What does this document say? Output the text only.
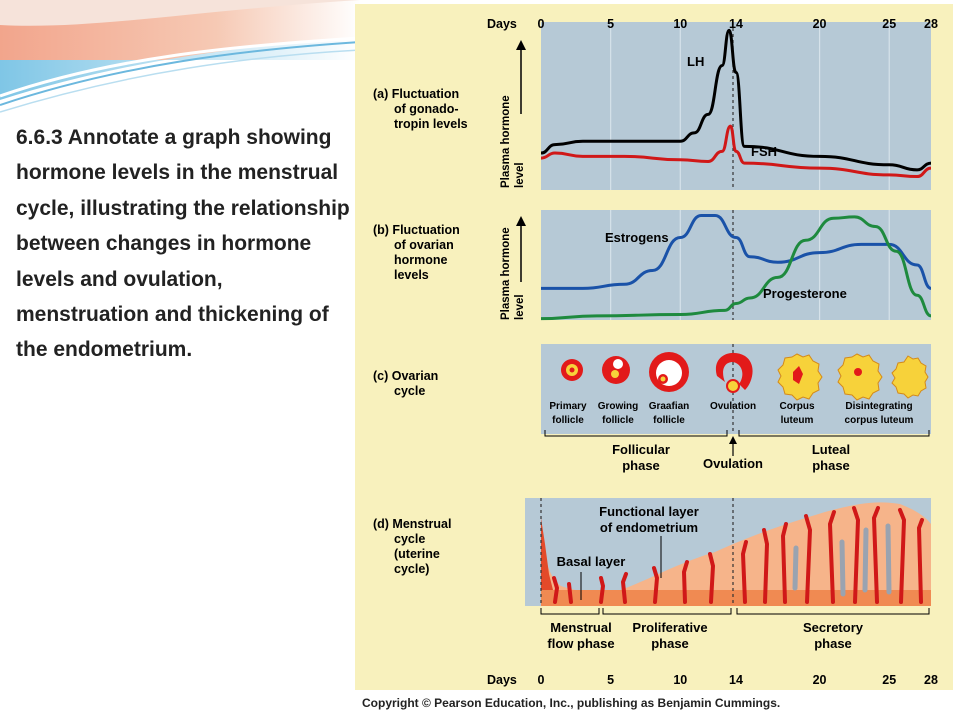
6.6.3 Annotate a graph showing hormone levels in the menstrual cycle, illustrating the relationship between changes in hormone levels and ovulation, menstruation and thickening of the endometrium.
Primary follicle
Growing follicle
Graafian follicle
Ovulation Corpus luteum
Disintegrating corpus luteum
Follicular phase	Ovulation
Luteal phase
Functional layer of endometrium
Basal layer
Menstrual flow phase
Proliferative phase
Secretory phase
(a) Fluctuation of gonado-tropin levels
(b) Fluctuation of ovarian hormone levels
(c) Ovarian cycle
(d) Menstrual cycle (uterine cycle)
Plasma hormone level
Plasma hormone level
LH
FSH
Estrogens
Progesterone
Days 0	5	10	14	20	25 28
Days 0	5	10	14	20	25 28
Copyright © Pearson Education, Inc., publishing as Benjamin Cummings.
